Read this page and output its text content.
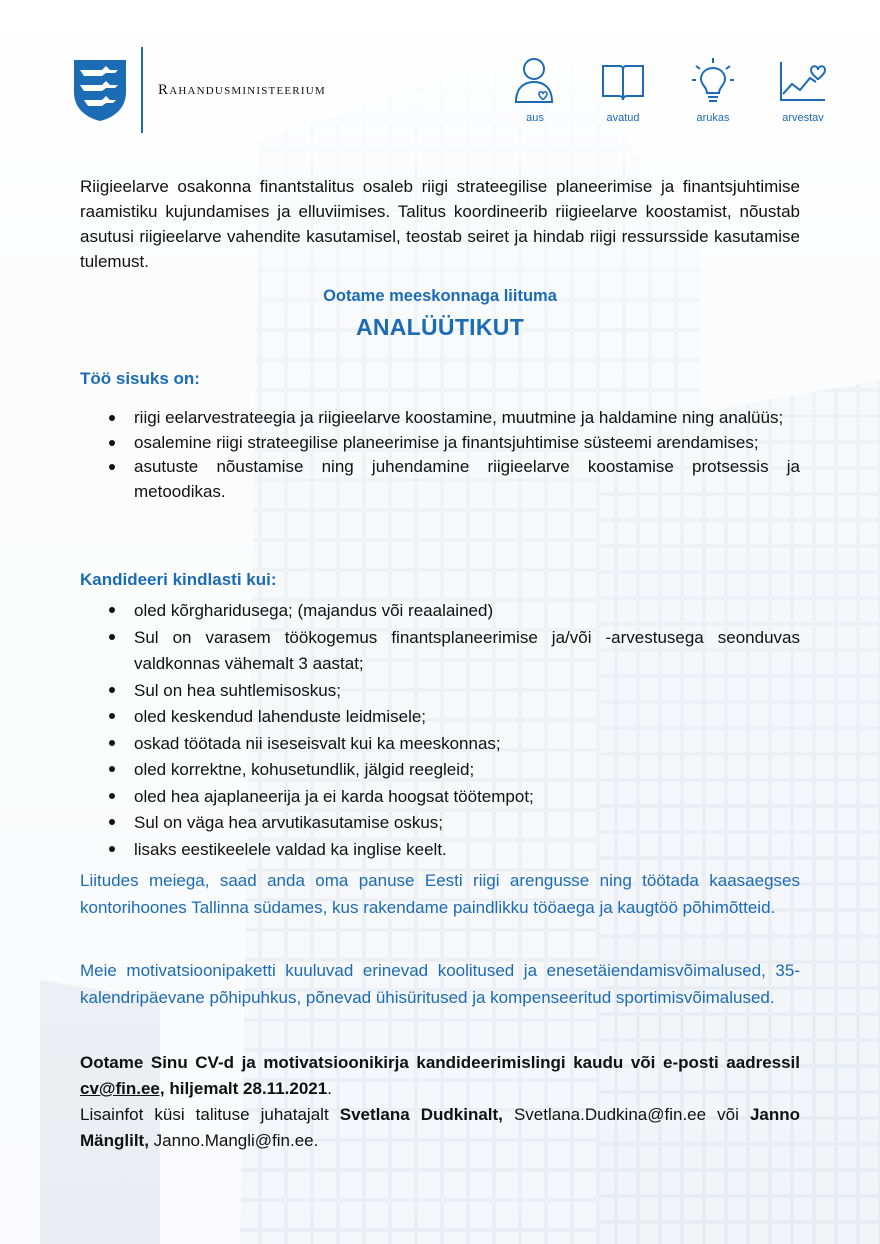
Rahandusministeerium
aus	avatud	arukas	arvestav
Riigieelarve osakonna finantstalitus osaleb riigi strateegilise planeerimise ja finantsjuhtimise raamistiku kujundamises ja elluviimises. Talitus koordineerib riigieelarve koostamist, nõustab asutusi riigieelarve vahendite kasutamisel, teostab seiret ja hindab riigi ressursside kasutamise tulemust.
Ootame meeskonnaga liituma
ANALÜÜTIKUT
Töö sisuks on:
riigi eelarvestrateegia ja riigieelarve koostamine, muutmine ja haldamine ning analüüs;
osalemine riigi strateegilise planeerimise ja finantsjuhtimise süsteemi arendamises;
asutuste nõustamise ning juhendamine riigieelarve koostamise protsessis ja metoodikas.
Kandideeri kindlasti kui:
oled kõrgharidusega; (majandus või reaalained)
Sul on varasem töökogemus finantsplaneerimise ja/või -arvestusega seonduvas valdkonnas vähemalt 3 aastat;
Sul on hea suhtlemisoskus;
oled keskendud lahenduste leidmisele;
oskad töötada nii iseseisvalt kui ka meeskonnas;
oled korrektne, kohusetundlik, jälgid reegleid;
oled hea ajaplaneerija ja ei karda hoogsat töötempot;
Sul on väga hea arvutikasutamise oskus;
lisaks eestikeelele valdad ka inglise keelt.
Liitudes meiega, saad anda oma panuse Eesti riigi arengusse ning töötada kaasaegses kontorihoones Tallinna südames, kus rakendame paindlikku tööaega ja kaugtöö põhimõtteid.
Meie motivatsioonipaketti kuuluvad erinevad koolitused ja enesetäiendamisvõimalused, 35-kalendripäevane põhipuhkus, põnevad ühisüritused ja kompenseeritud sportimisvõimalused.
Ootame Sinu CV-d ja motivatsioonikirja kandideerimislingi kaudu või e-posti aadressil cv@fin.ee, hiljemalt 28.11.2021.
Lisainfot küsi talituse juhatajalt Svetlana Dudkinalt, Svetlana.Dudkina@fin.ee või Janno Mänglilt, Janno.Mangli@fin.ee.
